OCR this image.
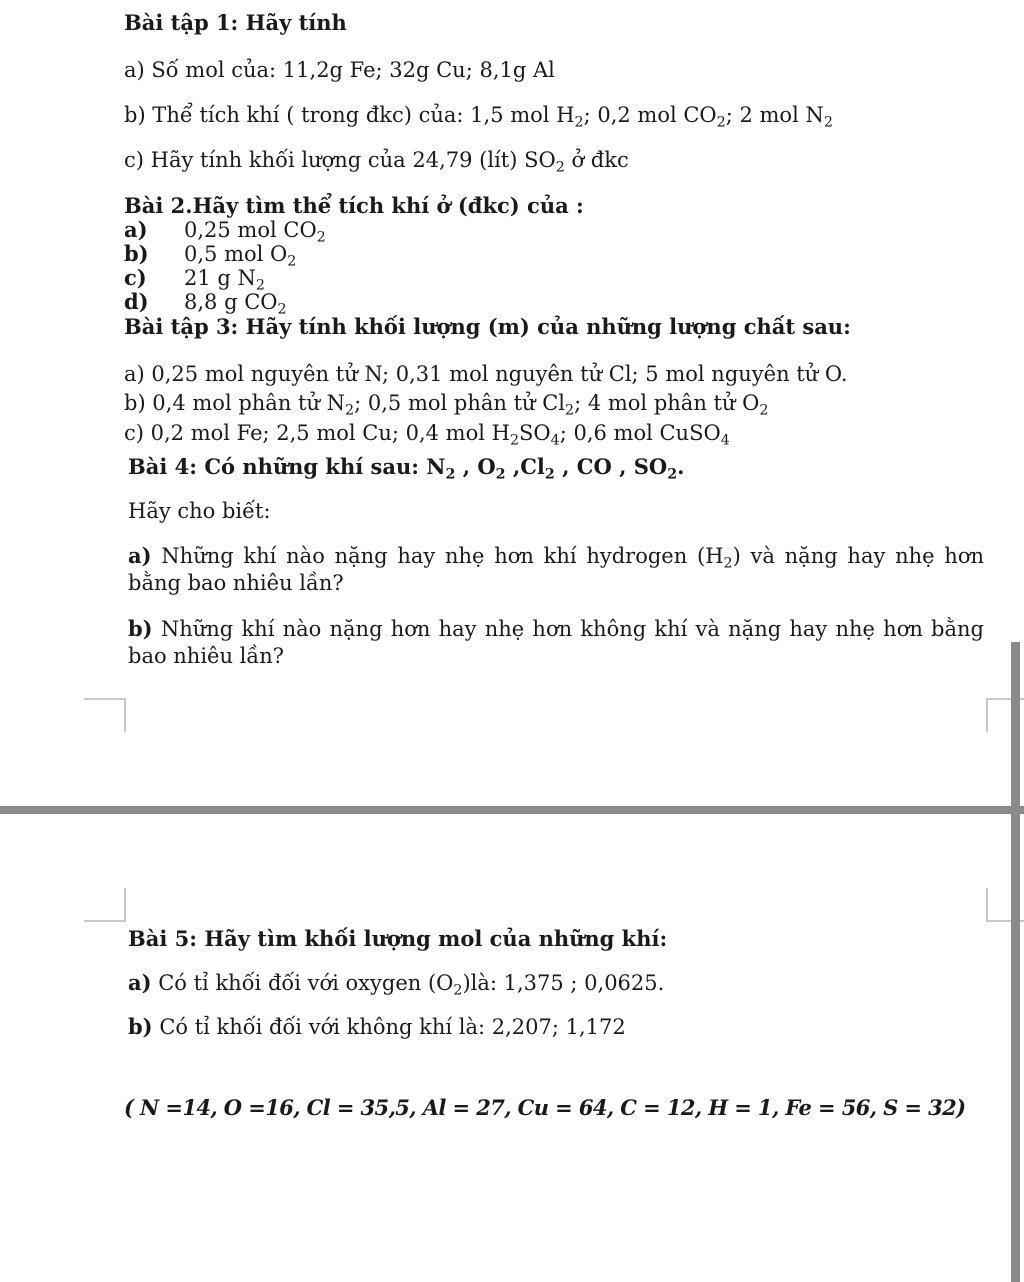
Bài tập 1: Hãy tính
a) Số mol của: 11,2g Fe; 32g Cu; 8,1g Al
b) Thể tích khí ( trong đkc) của: 1,5 mol $H_2$; 0,2 mol $CO_2$; 2 mol $N_2$
c) Hãy tính khối lượng của 24,79 (lít) $SO_2$ ở đkc
Bài 2.Hãy tìm thể tích khí ở (đkc) của :
a) 0,25 mol $CO_2$
b) 0,5 mol $O_2$
c) 21 g $N_2$
d) 8,8 g $CO_2$
Bài tập 3: Hãy tính khối lượng (m) của những lượng chất sau:
a) 0,25 mol nguyên tử N; 0,31 mol nguyên tử Cl; 5 mol nguyên tử O.
b) 0,4 mol phân tử $N_2$; 0,5 mol phân tử $Cl_2$; 4 mol phân tử $O_2$
c) 0,2 mol Fe; 2,5 mol Cu; 0,4 mol $H_2SO_4$; 0,6 mol CuSO$_4$
Bài 4: Có những khí sau: $N_2$ , $O_2$ $,Cl_2$ , CO , $SO_2$.
Hãy cho biết:
a) Những khí nào nặng hay nhẹ hơn khí hydrogen $(H_2)$ và nặng hay nhẹ hơn bằng bao nhiêu lần?
b) Những khí nào nặng hơn hay nhẹ hơn không khí và nặng hay nhẹ hơn bằng bao nhiêu lần?
Bài 5: Hãy tìm khối lượng mol của những khí:
a) Có tỉ khối đối với oxygen $(O_2)là$: 1,375 ; 0,0625.
b) Có tỉ khối đối với không khí là: 2,207; 1,172
( N =14, O =16, Cl = 35,5, Al = 27, Cu = 64, C = 12, H = 1, Fe = 56, S = 32)
